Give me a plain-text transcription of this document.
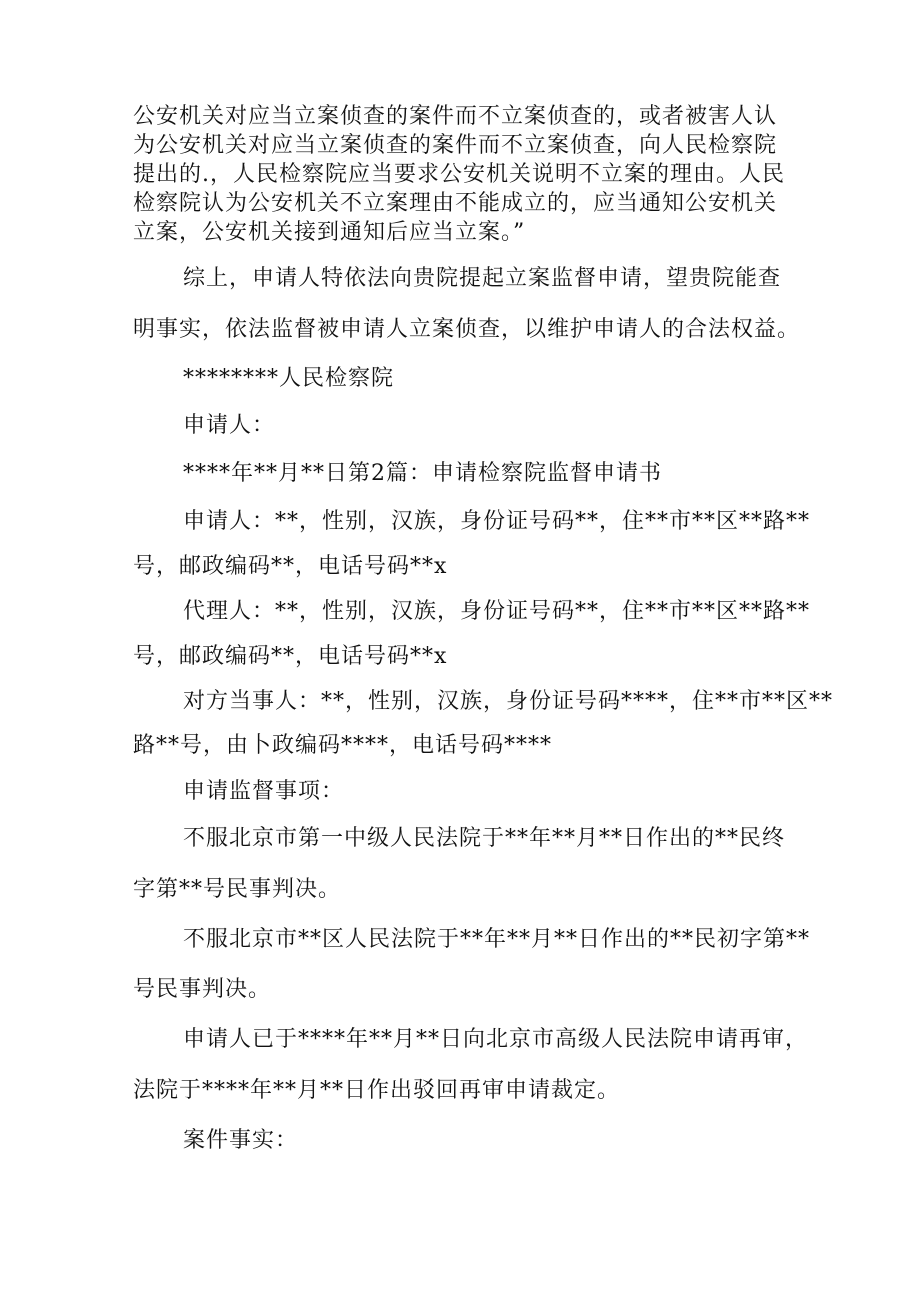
公安机关对应当立案侦查的案件而不立案侦查的，或者被害人认
为公安机关对应当立案侦查的案件而不立案侦查，向人民检察院
提出的.，人民检察院应当要求公安机关说明不立案的理由。人民
检察院认为公安机关不立案理由不能成立的，应当通知公安机关
立案，公安机关接到通知后应当立案。”
综上，申请人特依法向贵院提起立案监督申请，望贵院能查
明事实，依法监督被申请人立案侦查，以维护申请人的合法权益。
********人民检察院
申请人：
****年**月**日第2篇：申请检察院监督申请书
申请人：**，性别，汉族，身份证号码**，住**市**区**路**
号，邮政编码**，电话号码**x
代理人：**，性别，汉族，身份证号码**，住**市**区**路**
号，邮政编码**，电话号码**x
对方当事人：**，性别，汉族，身份证号码****，住**市**区**
路**号，由卜政编码****，电话号码****
申请监督事项：
不服北京市第一中级人民法院于**年**月**日作出的**民终
字第**号民事判决。
不服北京市**区人民法院于**年**月**日作出的**民初字第**
号民事判决。
申请人已于****年**月**日向北京市高级人民法院申请再审，
法院于****年**月**日作出驳回再审申请裁定。
案件事实：
